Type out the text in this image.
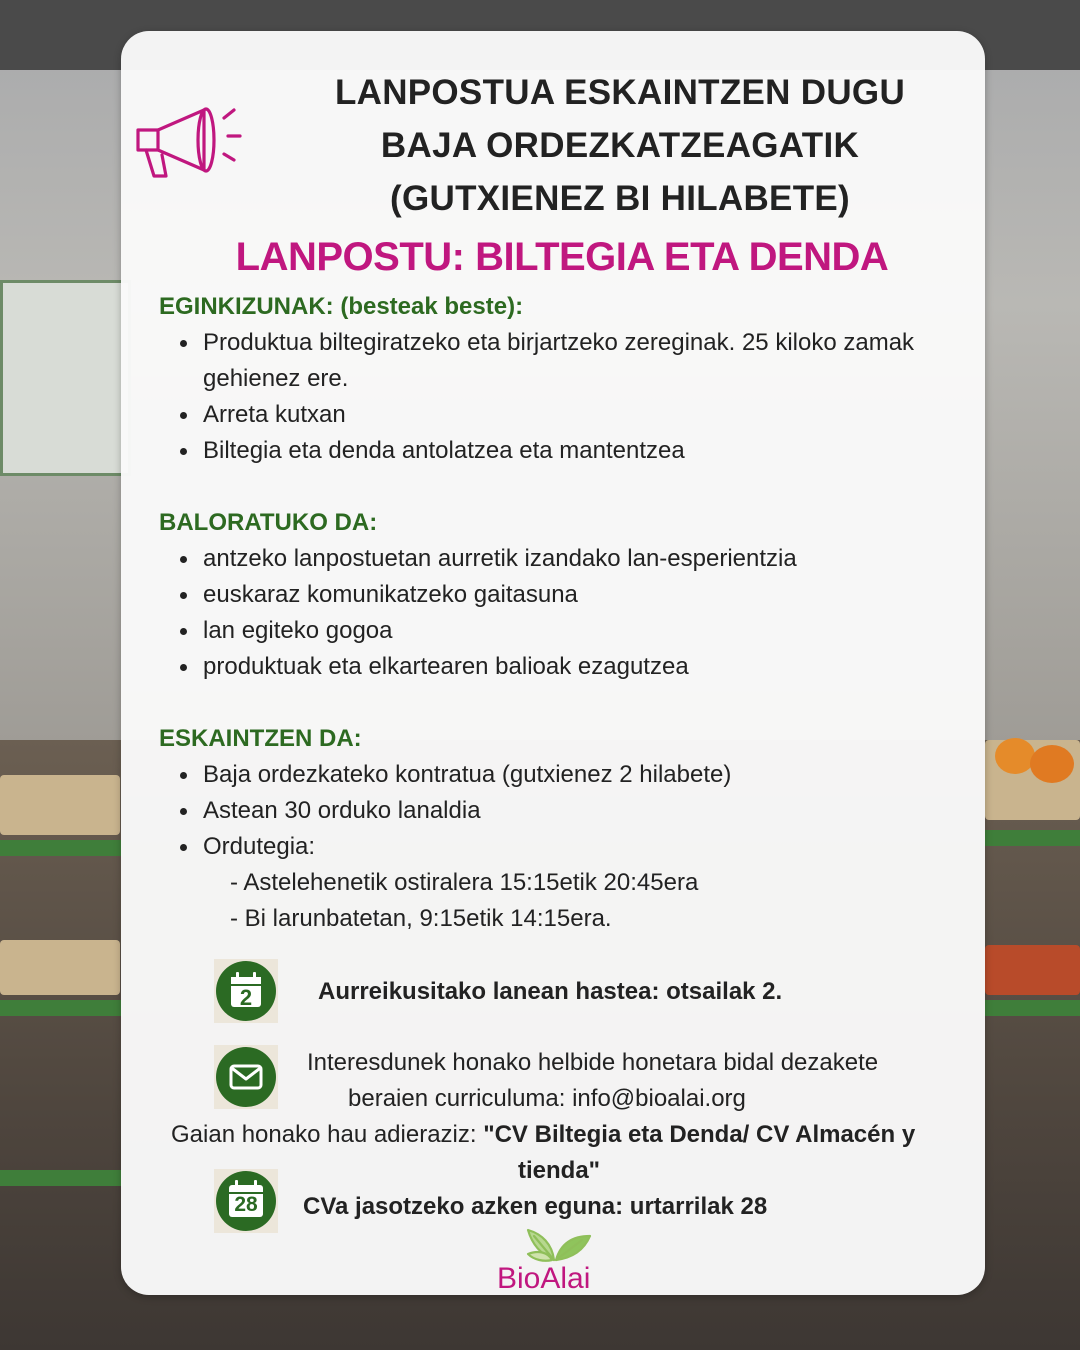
LANPOSTUA ESKAINTZEN DUGU
BAJA ORDEZKATZEAGATIK
(GUTXIENEZ BI HILABETE)
LANPOSTU: BILTEGIA ETA DENDA
EGINKIZUNAK: (besteak beste):
Produktua biltegiratzeko eta birjartzeko zereginak. 25 kiloko zamak gehienez ere.
Arreta kutxan
Biltegia eta denda antolatzea eta mantentzea
BALORATUKO DA:
antzeko lanpostuetan aurretik izandako lan-esperientzia
euskaraz komunikatzeko gaitasuna
lan egiteko gogoa
produktuak eta elkartearen balioak ezagutzea
ESKAINTZEN DA:
Baja ordezkateko kontratua (gutxienez 2 hilabete)
Astean 30 orduko lanaldia
Ordutegia:
- Astelehenetik ostiralera 15:15etik 20:45era
- Bi larunbatetan, 9:15etik 14:15era.
2	Aurreikusitako lanean hastea: otsailak 2.
Interesdunek honako helbide honetara bidal dezakete
beraien curriculuma: info@bioalai.org
Gaian honako hau adieraziz: "CV Biltegia eta Denda/ CV Almacén y
tienda"
28	CVa jasotzeko azken eguna: urtarrilak 28
BioAlai
